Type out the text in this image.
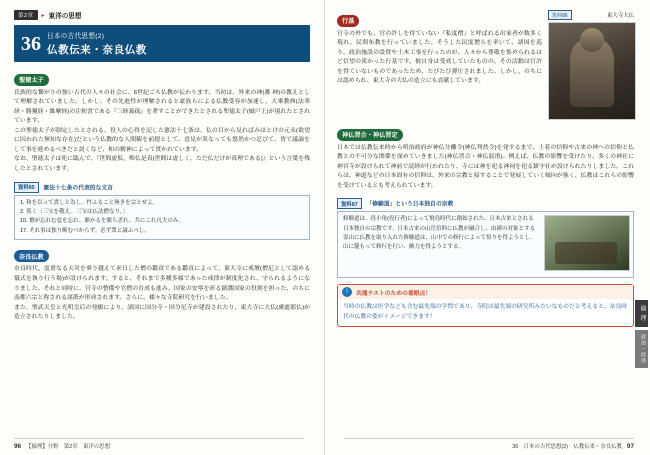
第2章	▸ 東洋の思想
36 日本の古代思想(2)
仏教伝来・奈良仏教
聖徳太子
氏族的な繋がりの強い古代の人々の社会に、6世紀ごろ仏教が伝わります。当初は、外来の神(蕃 神)の教えとして理解されていました。しかし、その先進性が理解されると豪族らによる仏教受容が加速し、大乗教典(法華経・勝鬘経・維摩経)の注釈書である『三経義疏』を著すことができたとされる聖徳太子(厩戸王)が現れたとされています。
この聖徳太子が制定したとされる、役人の心得を記した憲法十七条は、仏の目から見ればみほとけの元永(欲望に囚われた無知な存在)だという仏教的な人間観を前提として、意見が異なっても悠然かつ忍びて、皆で議論をして事を進めるべきだと説くなど、和の精神によって貫かれています。
なお、聖徳太子は死に臨んで、『世間虚仮、唯仏是真(世間は虚しく、ただ仏だけが真理である)』という言葉を残したとされています。
資料85 憲法十七条の代表的な文言
1. 和を以って貴しと為し、忤ふること無きを宗とせよ。
2. 篤く〔三宝を敬え。三宝は仏法僧なり。〕
10. 憾が忘れむ忿を忘れ、瞋かるを瞋らざれ。共にこれ凡夫のみ。
17. それ事は独り断むべからず。必ず衆と論ふべし。
奈良仏教
奈良時代、度重なる天災を乗り越えて来日した僧の鑑真である鑑真によって、東大寺に戒壇(僧尼として認める儀式を執り行う場)が設けられます。すると、それまで多種多様であった戒律が制度化され、守られるようになりました。それと同時に、官寺の整備や官僧の育成も進み、国家の安寧を祈る鎮護国家の役割を担った、のちに南都六宗と称される諸派が形成されます。さらに、様々な寺院研究を行いました。
また、聖武天皇と光明皇后の発願により、諸国に国分寺・国分尼寺が建設されたり、東大寺に大仏(盧遮那仏)が造立されたりしました。
96 【倫理】分野　第2章　東洋の思想
資料86	東大寺大仏
行基
官寺の外でも、官の許しを得ていない『私度僧』と呼ばれる出家者が数多く現れ、民間布教を行っていました。そうした民度僧らを率いて、諸国を巡り、政治施設の設置や土木工事を行ったのが、人々から尊敬を集められるはど信望の篤かった行基です。彼自身は受戒していたものの、その活動は官許を得ていないものであったため、たびたび弾圧されました。しかし、のちには認められ、東大寺の大仏の造立にも貢献しています。
神仏習合・神仏習定
日本では仏教伝来時から明治政府が神仏分離令(神仏判然令)を発するまで、土着の信仰や古来の神への信仰と仏教との不可分な関係を深めていきました(神仏習合・神仏混淆)。例えば、仏教の影響を受けたり、多くの神社に神宮寺が設けられて神前で読経が行われたり、寺には神を祀る神祠を祀る鎮守社が設けられたりしました。これらは、神道などの日本固有の信仰は、外来の宗教と接することで発展していく傾向が強く、仏教はこれらの影響を受けているとも考えられています。
資料87 「修験道」という日本独自の宗教
修験道は、役小角(役行者)によって飛鳥時代に創始された、日本古来とされる日本独自の宗教です。日本古来の山岳信仰に仏教が融合し、由緒の対象とする霊山に仏教を取り入れた修験道は、山中での修行によって悟りを得ようとし、山に籠もって修行を行い、験力を得ようとする。
!	共通テストのための着眼点！
当時の仏教は医学なども含む最先端の学問であり、寺院は最先端の研究所みたいなものだと考えると、奈良時代の仏教の姿がイメージできます！	倫 理
政治・経済
36　日本の古代思想(2)　仏教伝来・奈良仏教 97
